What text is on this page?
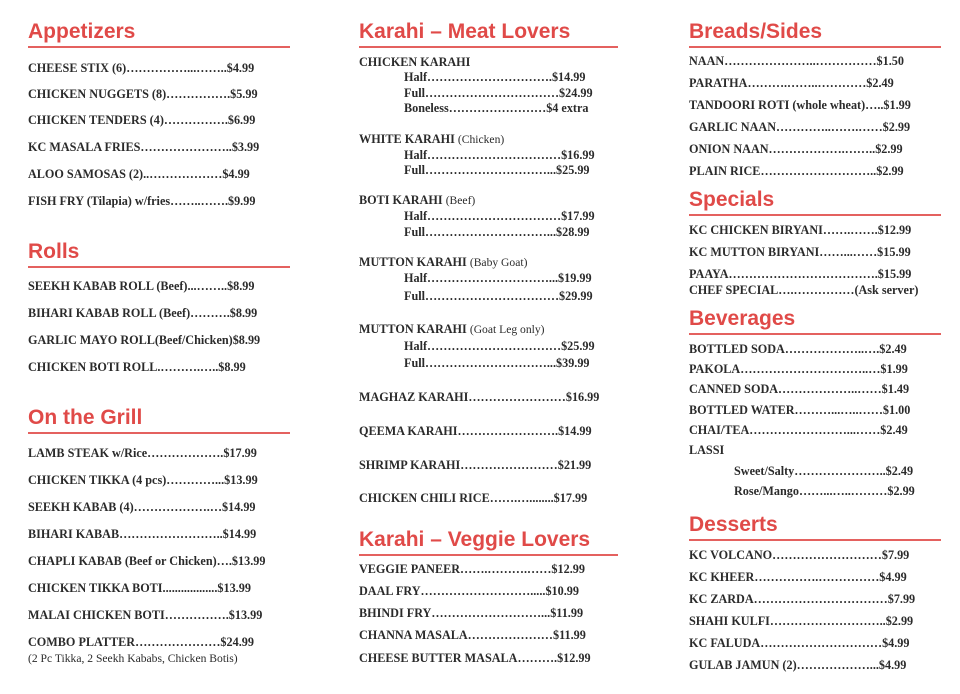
Appetizers
CHEESE STIX (6)……………...……..$4.99
CHICKEN NUGGETS (8)…………….$5.99
CHICKEN TENDERS (4)…………….$6.99
KC MASALA FRIES…………………..$3.99
ALOO SAMOSAS (2)..………………$4.99
FISH FRY (Tilapia) w/fries……..…….$9.99
Rolls
SEEKH KABAB ROLL (Beef)...……..$8.99
BIHARI KABAB ROLL (Beef)……….$8.99
GARLIC MAYO ROLL(Beef/Chicken)$8.99
CHICKEN BOTI ROLL.……….…..$8.99
On the Grill
LAMB STEAK w/Rice……………….$17.99
CHICKEN TIKKA (4 pcs)…………...$13.99
SEEKH KABAB (4)……………….…$14.99
BIHARI KABAB……………………..$14.99
CHAPLI KABAB (Beef or Chicken)….$13.99
CHICKEN TIKKA BOTI..................$13.99
MALAI CHICKEN BOTI…………….$13.99
COMBO PLATTER…………………$24.99
(2 Pc Tikka, 2 Seekh Kababs, Chicken Botis)
Karahi – Meat Lovers
CHICKEN KARAHI
Half………………………….$14.99
Full……………………………$24.99
Boneless……………………$4 extra
WHITE KARAHI (Chicken)
Half……………………………$16.99
Full…………………………...$25.99
BOTI KARAHI (Beef)
Half……………………………$17.99
Full…………………………...$28.99
MUTTON KARAHI (Baby Goat)
Half…………………………...$19.99
Full……………………………$29.99
MUTTON KARAHI (Goat Leg only)
Half……………………………$25.99
Full…………………………...$39.99
MAGHAZ KARAHI……………………$16.99
QEEMA KARAHI…………………….$14.99
SHRIMP KARAHI……………………$21.99
CHICKEN CHILI RICE…….…........$17.99
Karahi – Veggie Lovers
VEGGIE PANEER…….……….……$12.99
DAAL FRY……………………….....$10.99
BHINDI FRY………………………...$11.99
CHANNA MASALA…………………$11.99
CHEESE BUTTER MASALA……….$12.99
Breads/Sides
NAAN…………………..……………$1.50
PARATHA……….……..…………$2.49
TANDOORI ROTI (whole wheat)…..$1.99
GARLIC NAAN…………..…….……$2.99
ONION NAAN……………….……..$2.99
PLAIN RICE………………………..$2.99
Specials
KC CHICKEN BIRYANI…….…….$12.99
KC MUTTON BIRYANI……...……$15.99
PAAYA……………………………….$15.99
CHEF SPECIAL….……………(Ask server)
Beverages
BOTTLED SODA………………..….$2.49
PAKOLA…………………………..…$1.99
CANNED SODA………………..……$1.49
BOTTLED WATER………...…..……$1.00
CHAI/TEA……………………...……$2.49
LASSI
Sweet/Salty…………………..$2.49
Rose/Mango……...…..………$2.99
Desserts
KC VOLCANO………………………$7.99
KC KHEER…………….……………$4.99
KC ZARDA……………………………$7.99
SHAHI KULFI………………………..$2.99
KC FALUDA…………………………$4.99
GULAB JAMUN (2)………………...$4.99
